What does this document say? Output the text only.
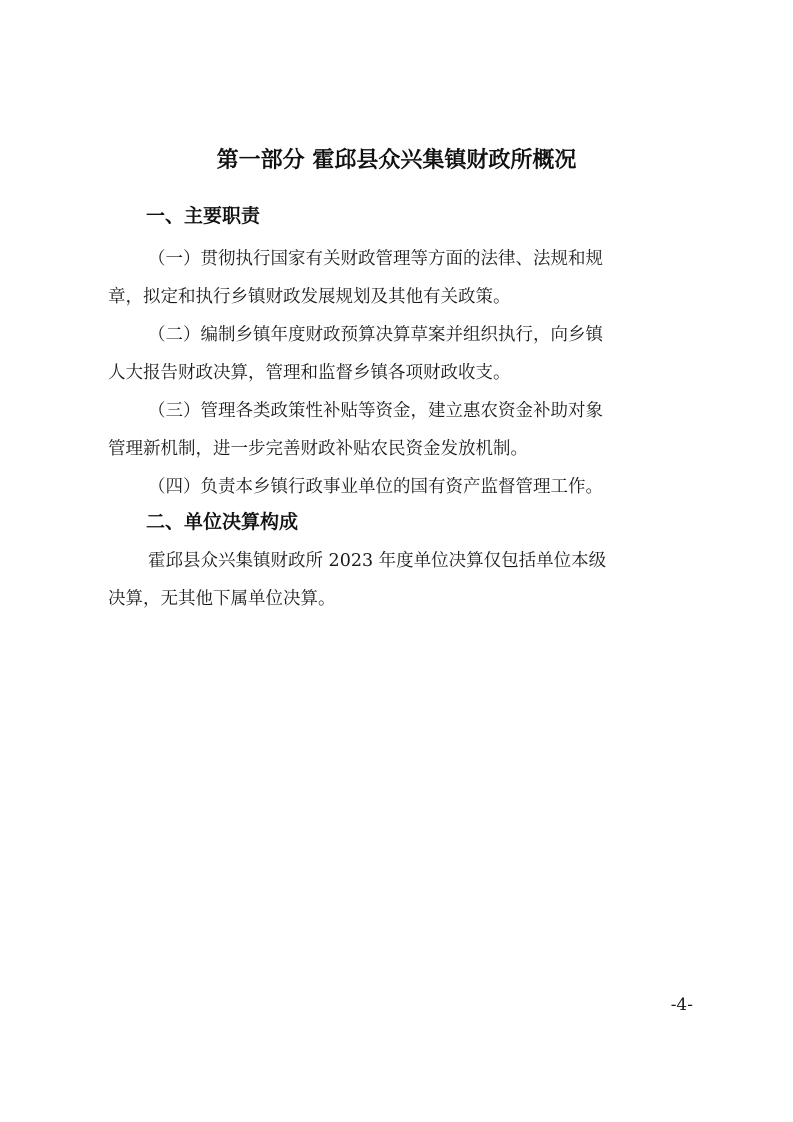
第一部分 霍邱县众兴集镇财政所概况
一、主要职责
（一）贯彻执行国家有关财政管理等方面的法律、法规和规
章，拟定和执行乡镇财政发展规划及其他有关政策。
（二）编制乡镇年度财政预算决算草案并组织执行，向乡镇
人大报告财政决算，管理和监督乡镇各项财政收支。
（三）管理各类政策性补贴等资金，建立惠农资金补助对象
管理新机制，进一步完善财政补贴农民资金发放机制。
（四）负责本乡镇行政事业单位的国有资产监督管理工作。
二、单位决算构成
霍邱县众兴集镇财政所 2023 年度单位决算仅包括单位本级
决算，无其他下属单位决算。
-4-
